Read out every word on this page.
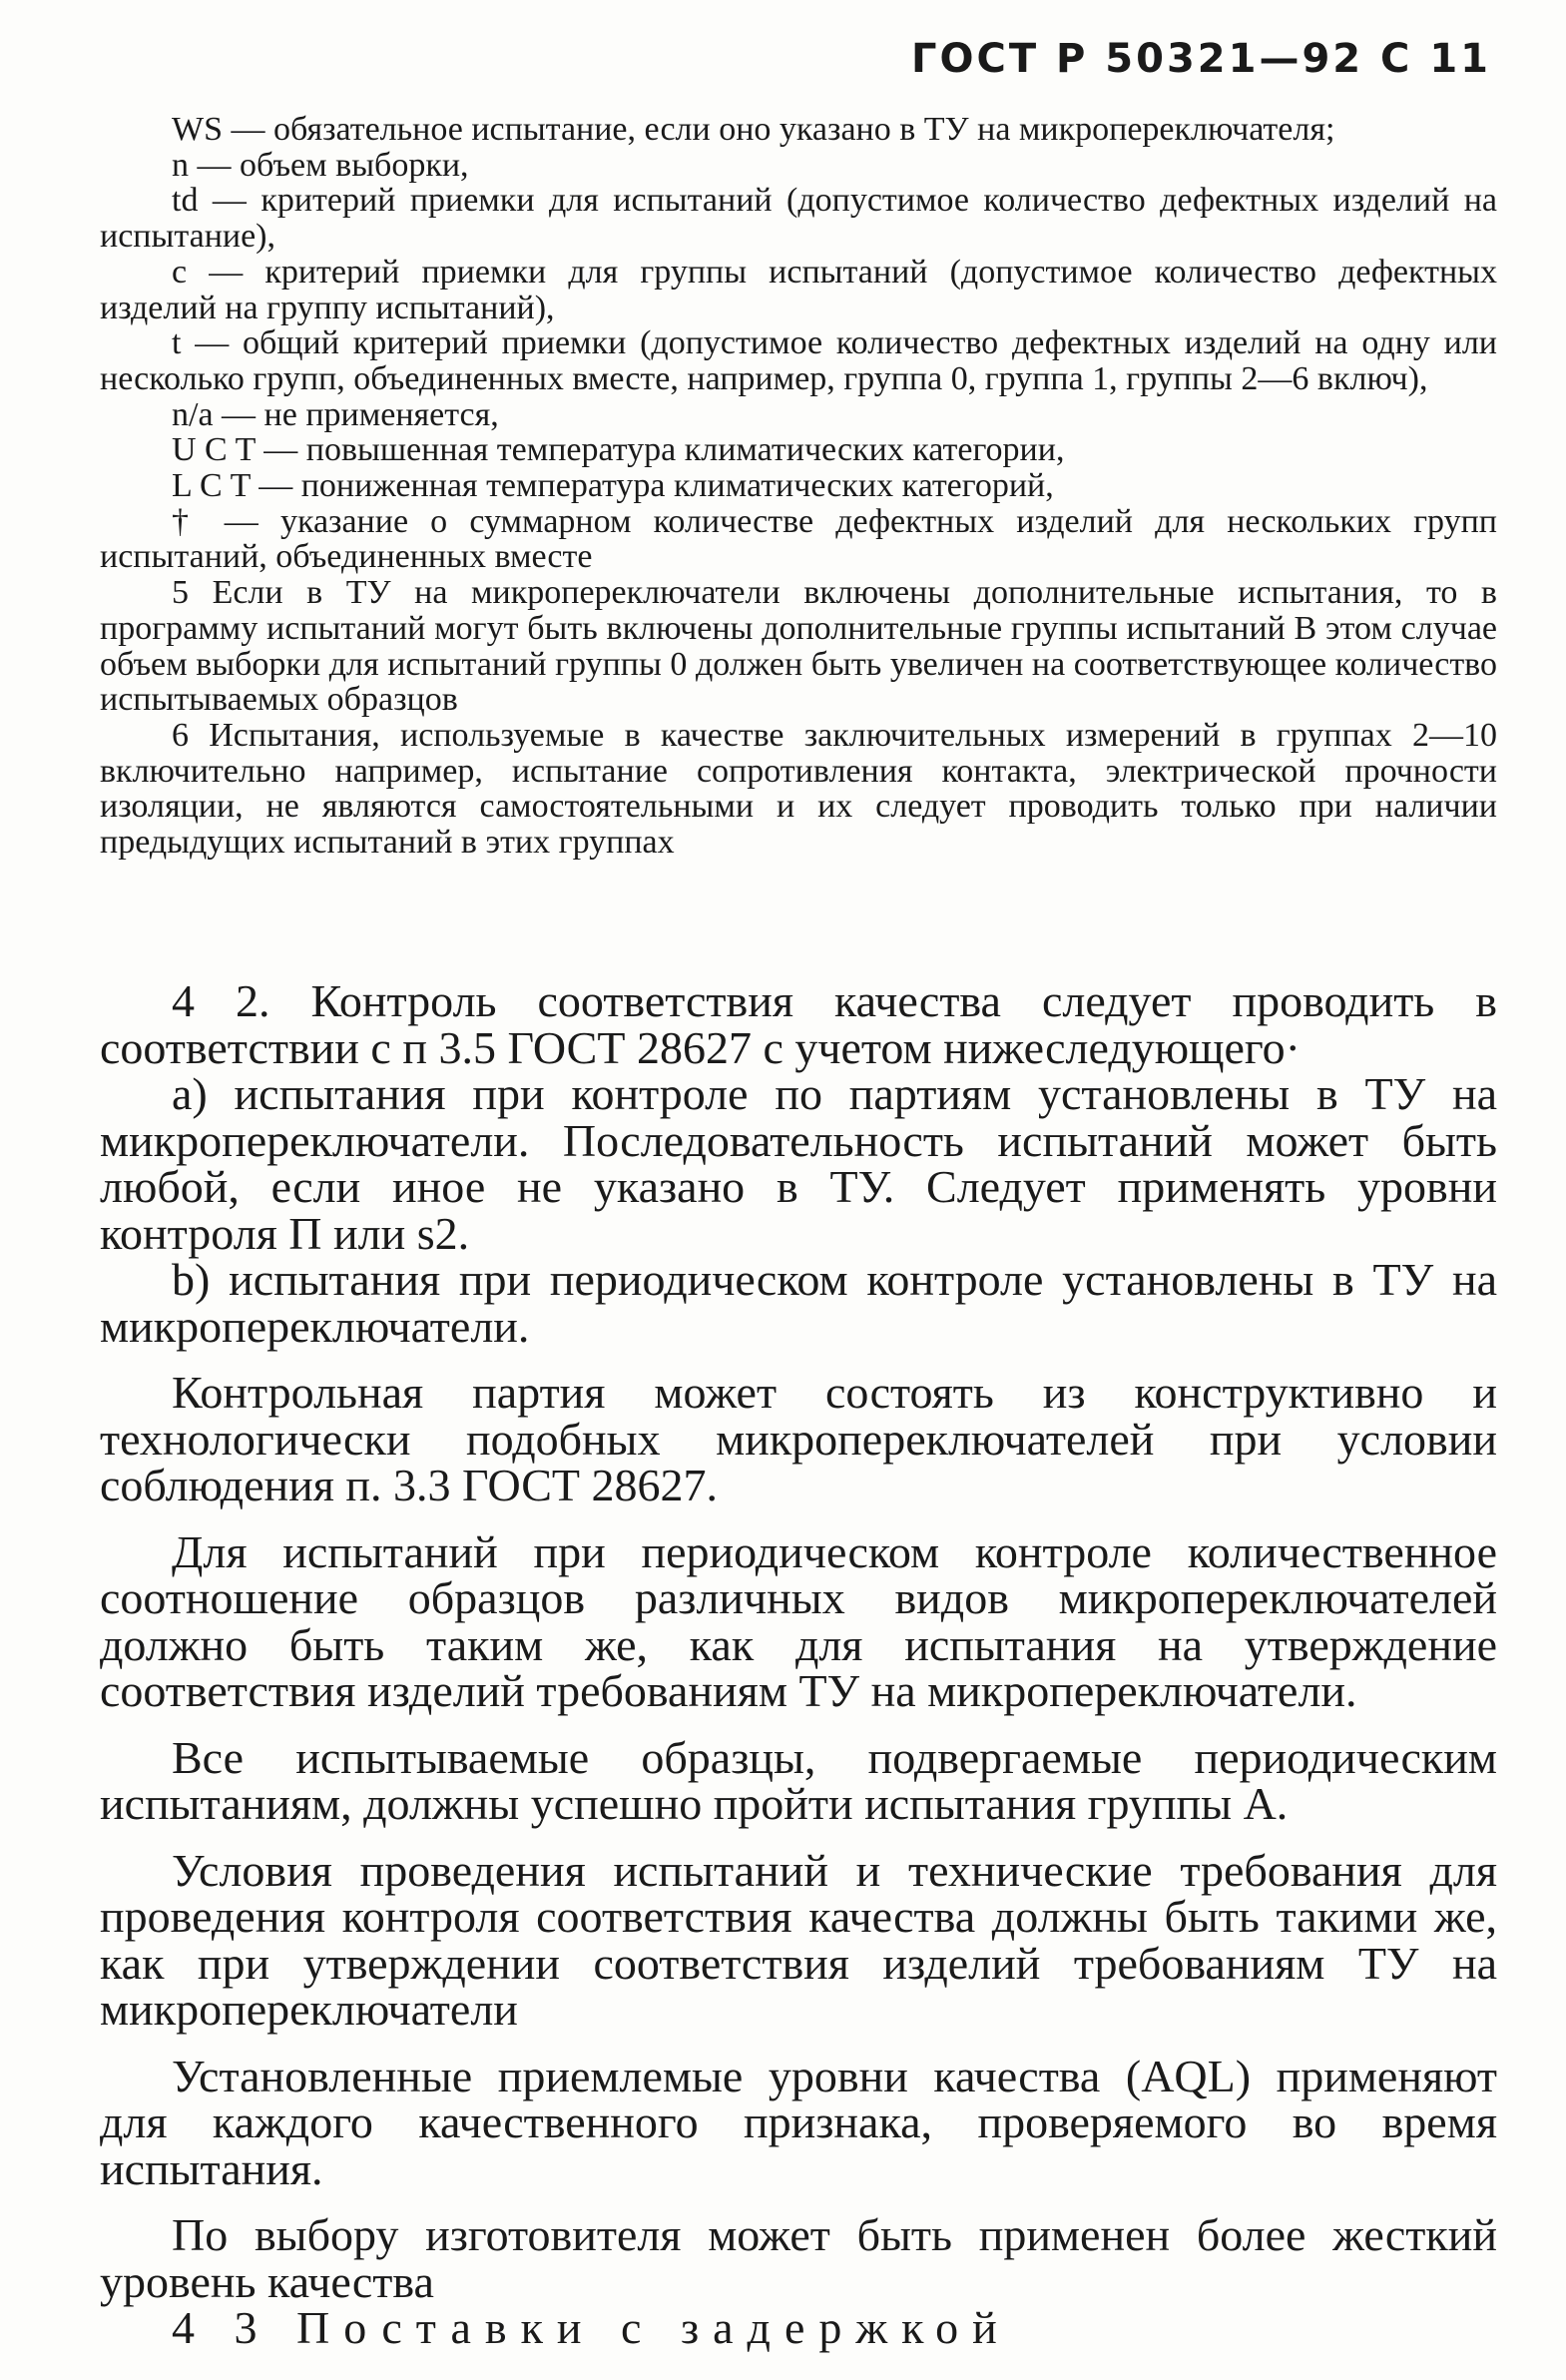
ГОСТ Р 50321—92 С 11

WS — обязательное испытание, если оно указано в ТУ на микропереключателя;

n — объем выборки,

td — критерий приемки для испытаний (допустимое количество дефектных изделий на испытание),

c — критерий приемки для группы испытаний (допустимое количество дефектных изделий на группу испытаний),

t — общий критерий приемки (допустимое количество дефектных изделий на одну или несколько групп, объединенных вместе, например, группа 0, группа 1, группы 2—6 включ),

n/a — не применяется,

U C T — повышенная температура климатических категории,

L C T — пониженная температура климатических категорий,

† — указание о суммарном количестве дефектных изделий для нескольких групп испытаний, объединенных вместе

5 Если в ТУ на микропереключатели включены дополнительные испытания, то в программу испытаний могут быть включены дополнительные группы испытаний В этом случае объем выборки для испытаний группы 0 должен быть увеличен на соответствующее количество испытываемых образцов

6 Испытания, используемые в качестве заключительных измерений в группах 2—10 включительно например, испытание сопротивления контакта, электрической прочности изоляции, не являются самостоятельными и их следует проводить только при наличии предыдущих испытаний в этих группах

4 2. Контроль соответствия качества следует проводить в соответствии с п 3.5 ГОСТ 28627 с учетом нижеследующего·

а) испытания при контроле по партиям установлены в ТУ на микропереключатели. Последовательность испытаний может быть любой, если иное не указано в ТУ. Следует применять уровни контроля П или s2.

b) испытания при периодическом контроле установлены в ТУ на микропереключатели.

Контрольная партия может состоять из конструктивно и технологически подобных микропереключателей при условии соблюдения п. 3.3 ГОСТ 28627.

Для испытаний при периодическом контроле количественное соотношение образцов различных видов микропереключателей должно быть таким же, как для испытания на утверждение соответствия изделий требованиям ТУ на микропереключатели.

Все испытываемые образцы, подвергаемые периодическим испытаниям, должны успешно пройти испытания группы А.

Условия проведения испытаний и технические требования для проведения контроля соответствия качества должны быть такими же, как при утверждении соответствия изделий требованиям ТУ на микропереключатели

Установленные приемлемые уровни качества (AQL) применяют для каждого качественного признака, проверяемого во время испытания.

По выбору изготовителя может быть применен более жесткий уровень качества

4 3 Поставки с задержкой
